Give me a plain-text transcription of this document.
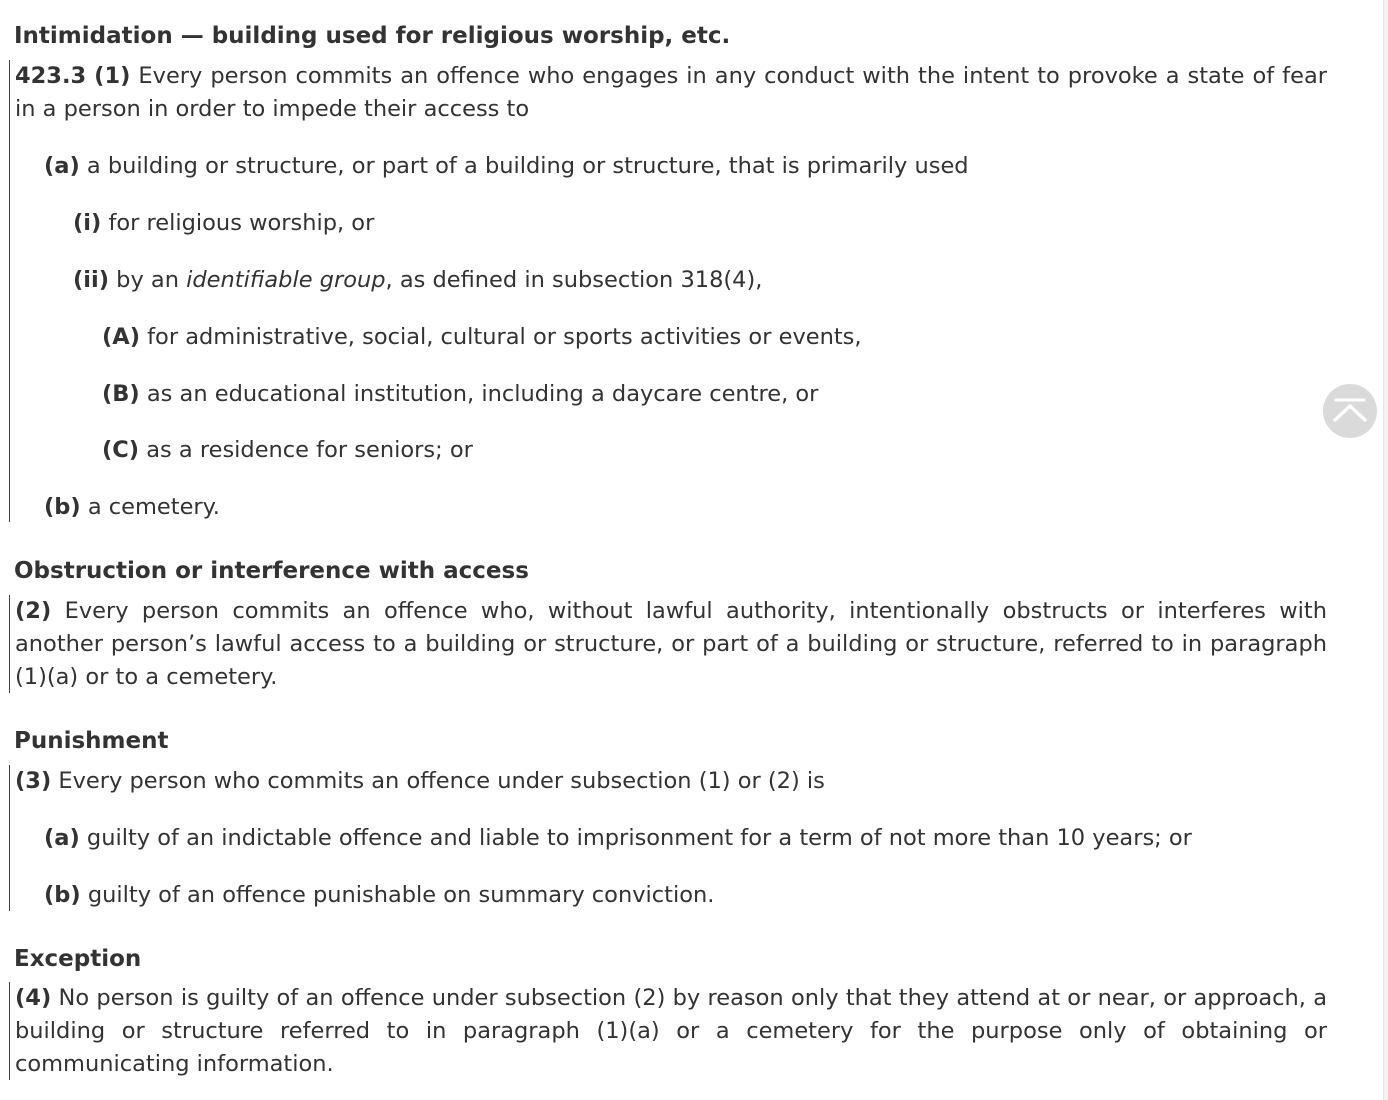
Intimidation — building used for religious worship, etc.

423.3 (1) Every person commits an offence who engages in any conduct with the intent to provoke a state of fear in a person in order to impede their access to

(a) a building or structure, or part of a building or structure, that is primarily used

(i) for religious worship, or

(ii) by an identifiable group, as defined in subsection 318(4),

(A) for administrative, social, cultural or sports activities or events,

(B) as an educational institution, including a daycare centre, or

(C) as a residence for seniors; or

(b) a cemetery.

Obstruction or interference with access

(2) Every person commits an offence who, without lawful authority, intentionally obstructs or interferes with another person’s lawful access to a building or structure, or part of a building or structure, referred to in paragraph (1)(a) or to a cemetery.

Punishment

(3) Every person who commits an offence under subsection (1) or (2) is

(a) guilty of an indictable offence and liable to imprisonment for a term of not more than 10 years; or

(b) guilty of an offence punishable on summary conviction.

Exception

(4) No person is guilty of an offence under subsection (2) by reason only that they attend at or near, or approach, a building or structure referred to in paragraph (1)(a) or a cemetery for the purpose only of obtaining or communicating information.
